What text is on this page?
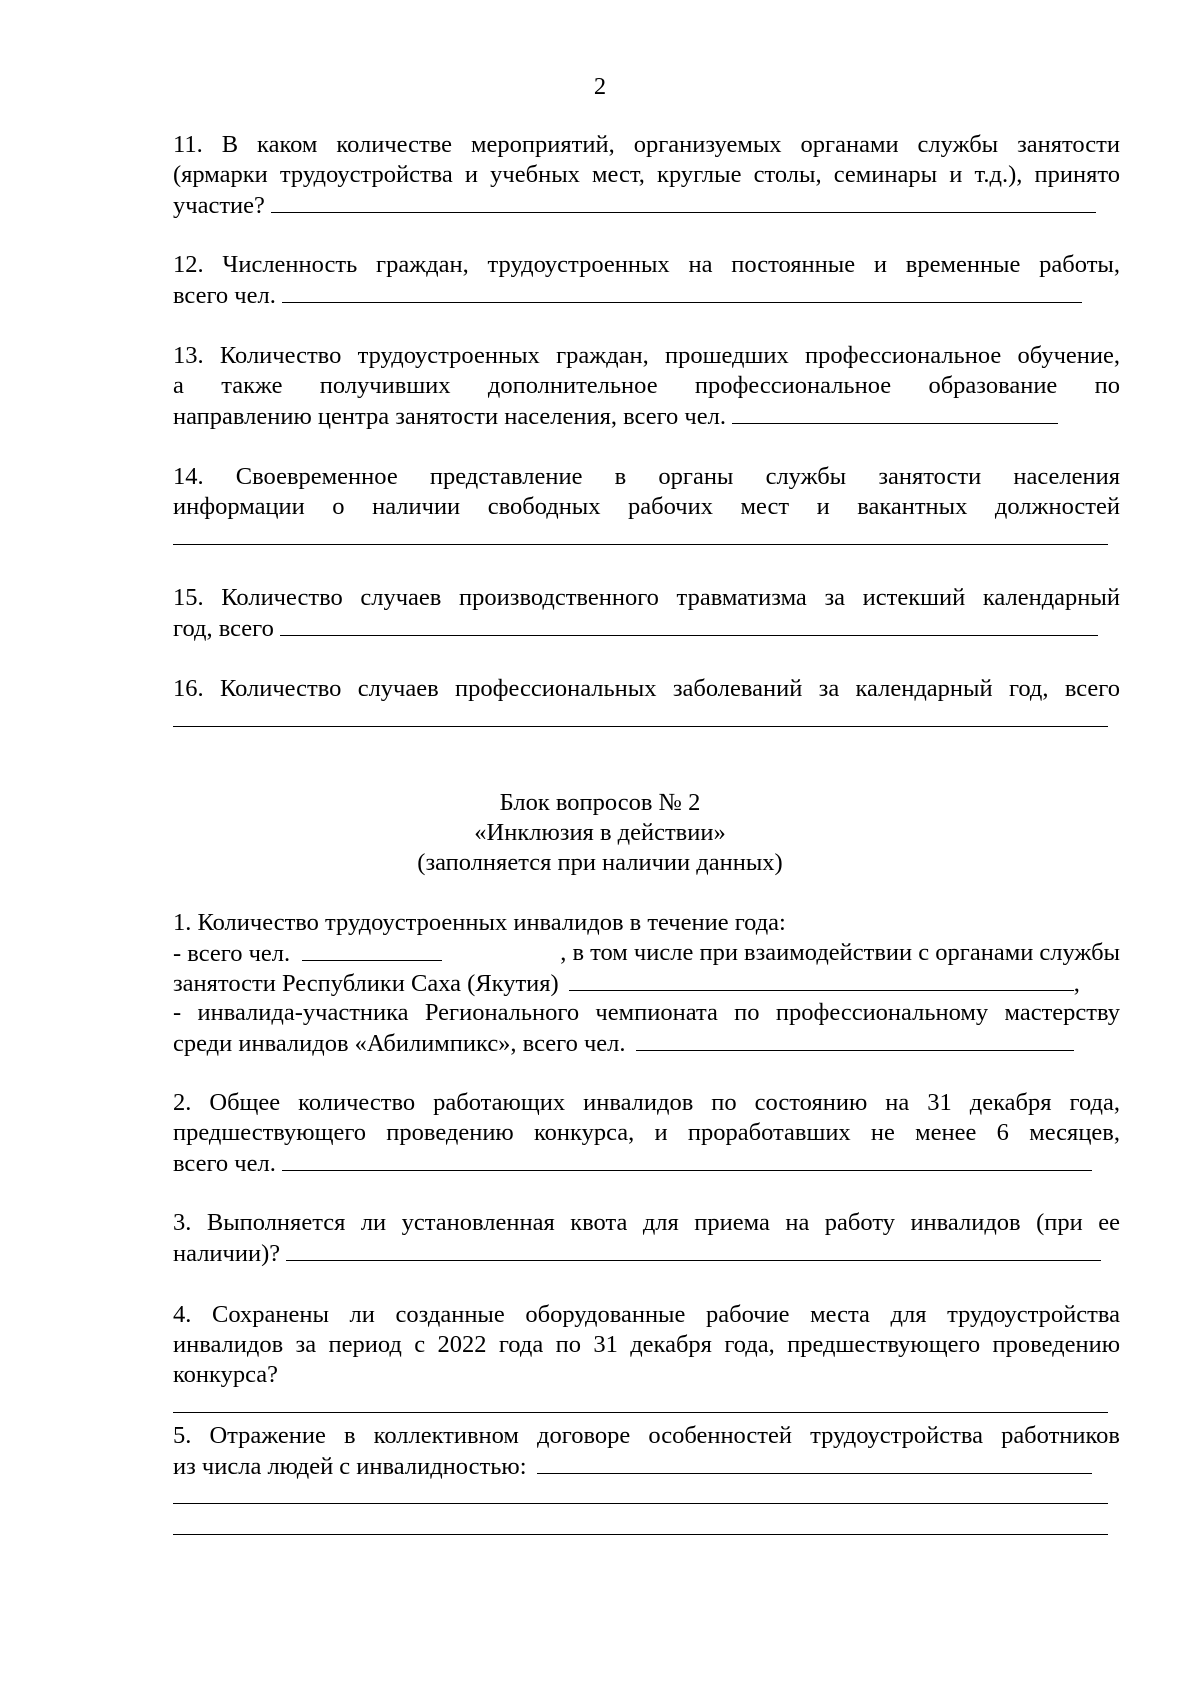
2
11. В каком количестве мероприятий, организуемых органами службы занятости
(ярмарки трудоустройства и учебных мест, круглые столы, семинары и т.д.), принято
участие?
12. Численность граждан, трудоустроенных на постоянные и временные работы,
всего чел.
13. Количество трудоустроенных граждан, прошедших профессиональное обучение,
а также получивших дополнительное профессиональное образование по
направлению центра занятости населения, всего чел.
14. Своевременное представление в органы службы занятости населения
информации о наличии свободных рабочих мест и вакантных должностей
15. Количество случаев производственного травматизма за истекший календарный
год, всего
16. Количество случаев профессиональных заболеваний за календарный год, всего
Блок вопросов № 2
«Инклюзия в действии»
(заполняется при наличии данных)
1. Количество трудоустроенных инвалидов в течение года:
- всего чел.	, в том числе при взаимодействии с органами службы
занятости Республики Саха (Якутия)	,
- инвалида-участника Регионального чемпионата по профессиональному мастерству
среди инвалидов «Абилимпикс», всего чел.
2. Общее количество работающих инвалидов по состоянию на 31 декабря года,
предшествующего проведению конкурса, и проработавших не менее 6 месяцев,
всего чел.
3. Выполняется ли установленная квота для приема на работу инвалидов (при ее
наличии)?
4. Сохранены ли созданные оборудованные рабочие места для трудоустройства
инвалидов за период с 2022 года по 31 декабря года, предшествующего проведению
конкурса?
5. Отражение в коллективном договоре особенностей трудоустройства работников
из числа людей с инвалидностью:
